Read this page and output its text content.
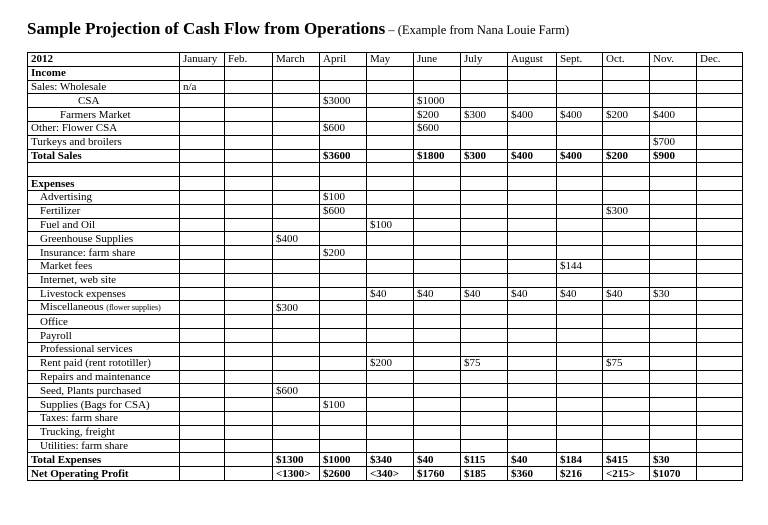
Sample Projection of Cash Flow from Operations – (Example from Nana Louie Farm)
2012	January	Feb.	March	April	May	June	July	August	Sept.	Oct.	Nov.	Dec.
Income												
Sales: Wholesale	n/a											
CSA				$3000		$1000						
Farmers Market						$200	$300	$400	$400	$200	$400	
Other: Flower CSA				$600		$600						
Turkeys and broilers											$700	
Total Sales				$3600		$1800	$300	$400	$400	$200	$900	

Expenses												
Advertising				$100								
Fertilizer				$600						$300		
Fuel and Oil					$100							
Greenhouse Supplies			$400									
Insurance: farm share				$200								
Market fees									$144			
Internet, web site												
Livestock expenses					$40	$40	$40	$40	$40	$40	$30	
Miscellaneous (flower supplies)			$300									
Office												
Payroll												
Professional services												
Rent paid (rent rototiller)					$200		$75			$75		
Repairs and maintenance												
Seed, Plants purchased			$600									
Supplies (Bags for CSA)				$100								
Taxes: farm share												
Trucking, freight												
Utilities: farm share												
Total Expenses			$1300	$1000	$340	$40	$115	$40	$184	$415	$30	
Net Operating Profit			<1300>	$2600	<340>	$1760	$185	$360	$216	<215>	$1070	
